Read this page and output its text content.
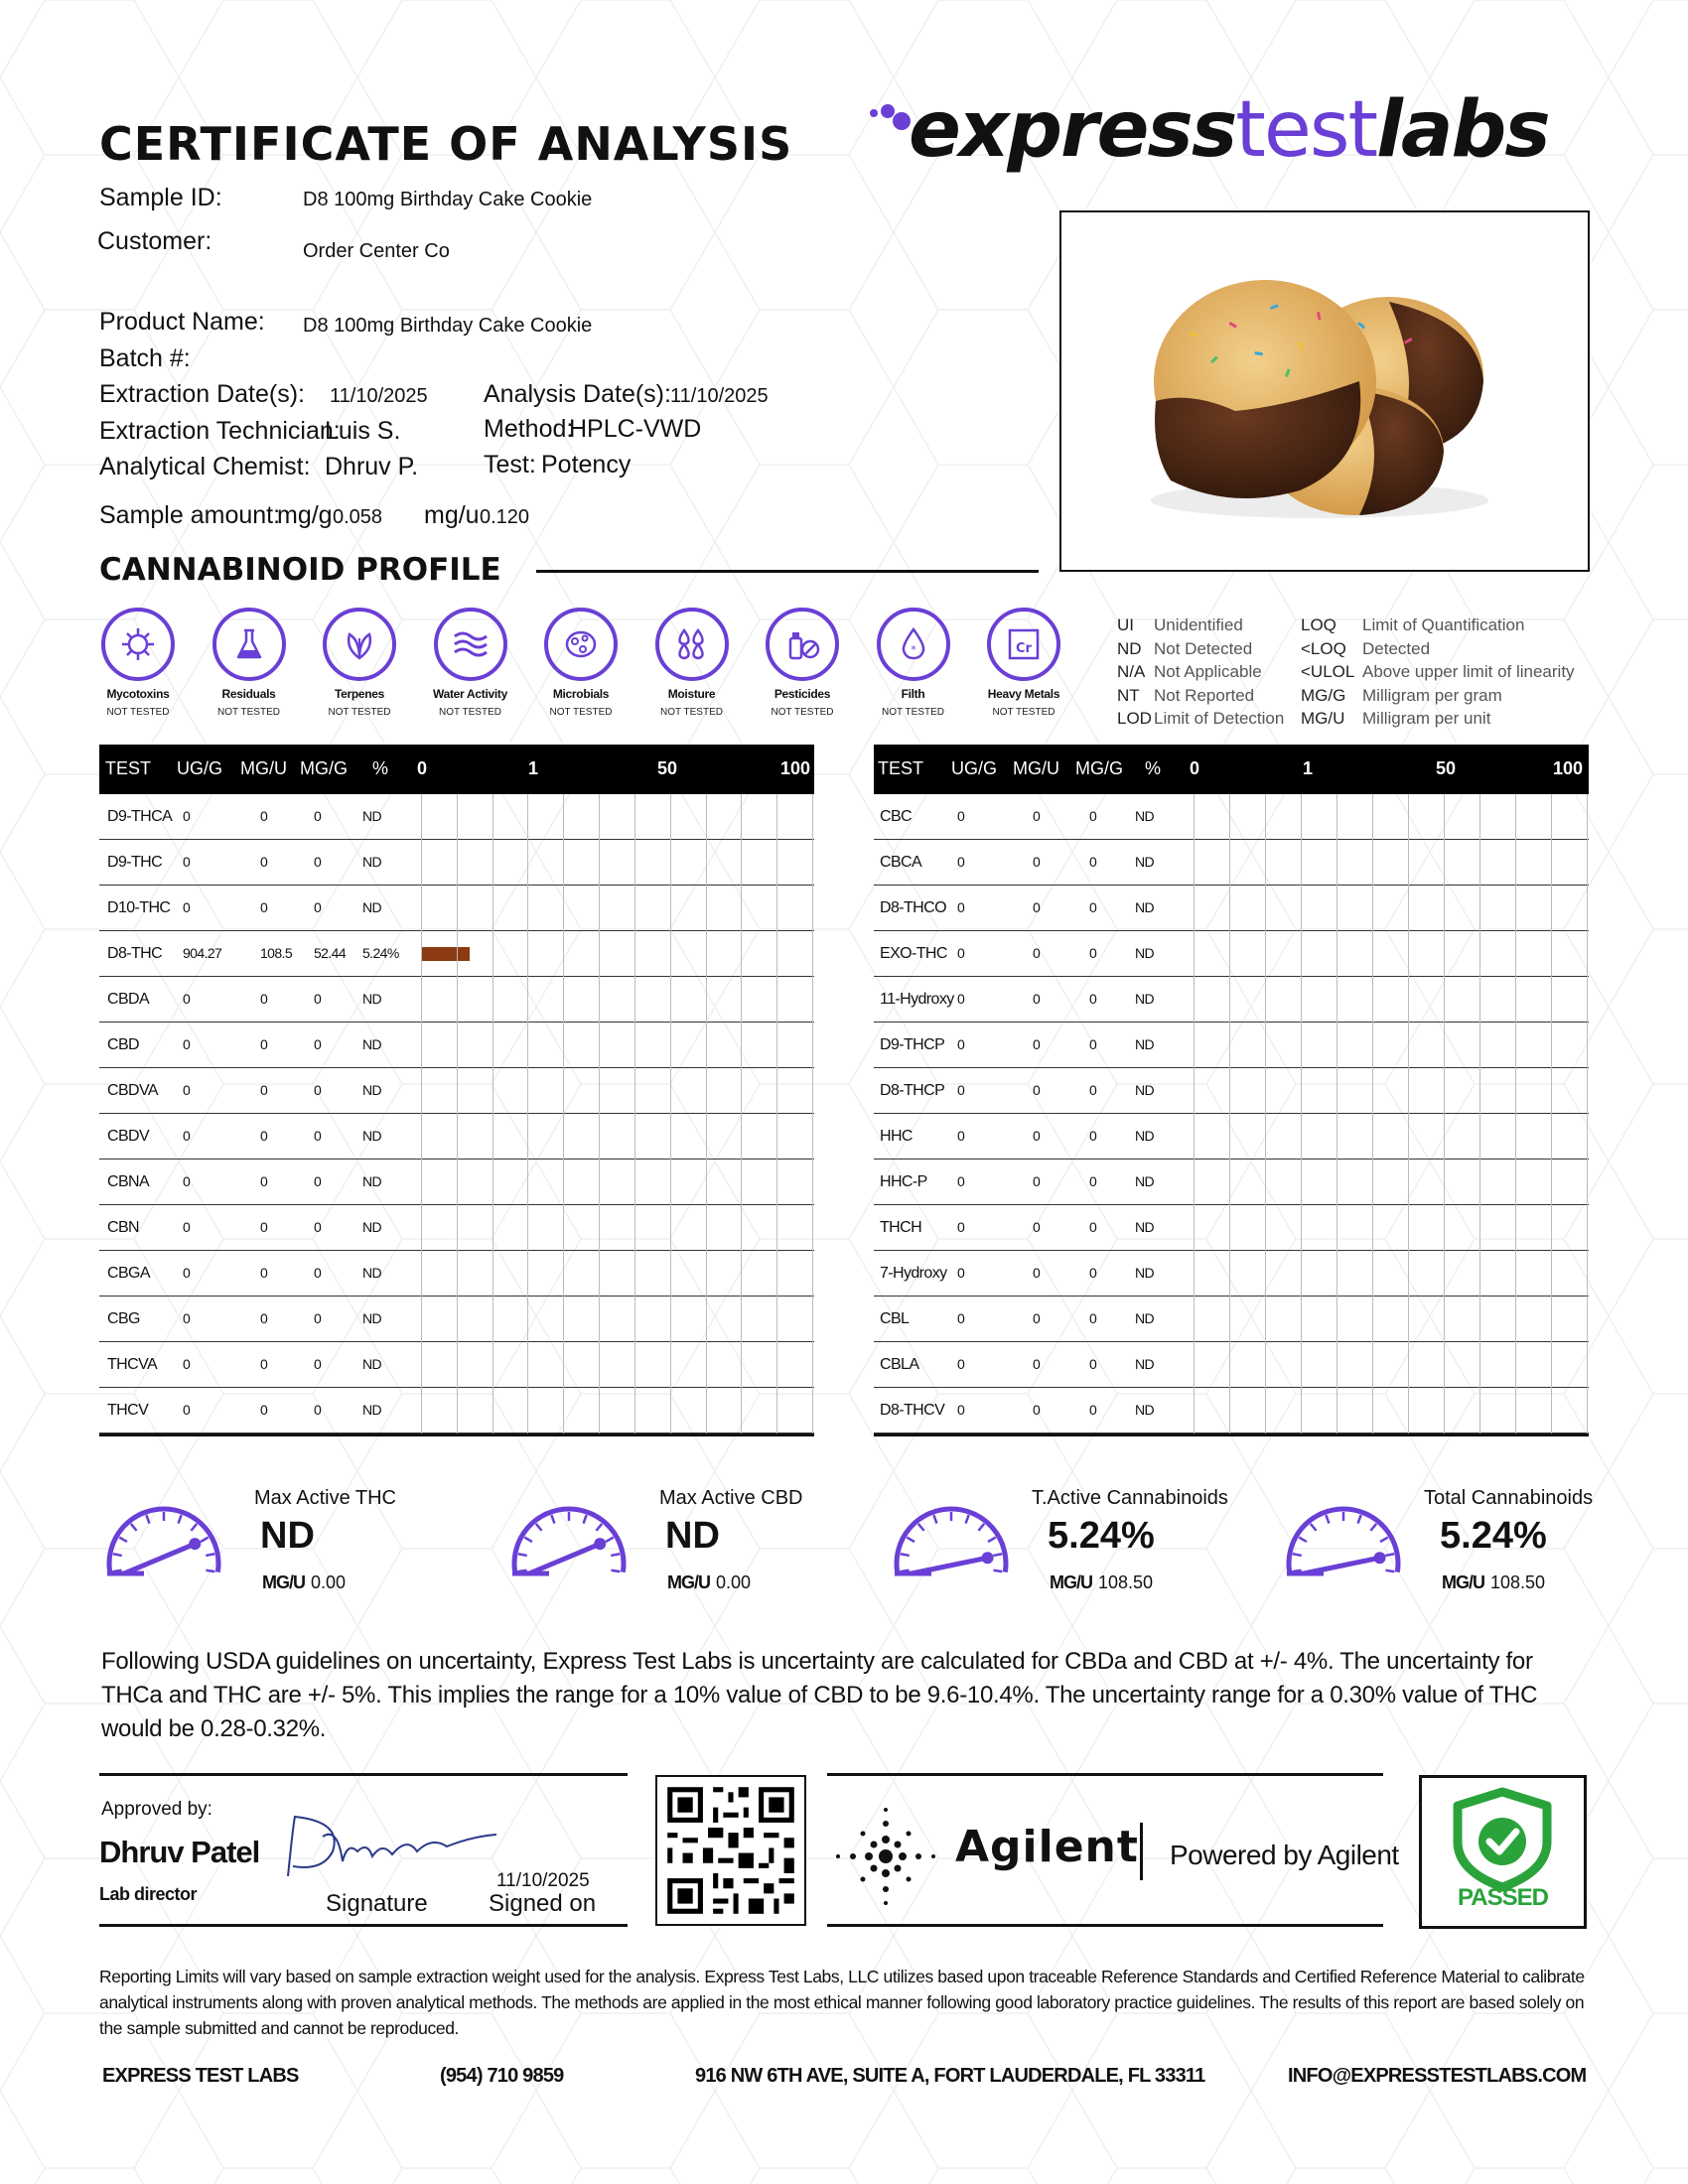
CERTIFICATE OF ANALYSIS	expresstestlabs
Sample ID:	D8 100mg Birthday Cake Cookie
Customer:	Order Center Co
Product Name: D8 100mg Birthday Cake Cookie
Batch #:
Extraction Date(s): 11/10/2025 Analysis Date(s): 11/10/2025
Extraction Technician:
Luis S.	Method:
HPLC-VWD
Analytical Chemist: Dhruv P.	Test: Potency
Sample amount:
mg/g 0.058 mg/u 0.120
CANNABINOID PROFILE
Mycotoxins
NOT TESTED
Residuals
NOT TESTED
Terpenes
NOT TESTED
Water Activity
NOT TESTED
Microbials
NOT TESTED
Moisture
NOT TESTED
Pesticides
NOT TESTED
*
Filth
NOT TESTED
Cr
Heavy Metals
NOT TESTED
UI Unidentified
ND Not Detected
N/A Not Applicable
NT Not Reported
LOD Limit of Detection
LOQ Limit of Quantification
<LOQ Detected
<ULOL Above upper limit of linearity
MG/G Milligram per gram
MG/U Milligram per unit
TEST UG/G MG/U MG/G % 0	1	50	100
D9-THCA 0	0	0	ND
D9-THC 0	0	0	ND
D10-THC 0	0	0	ND
D8-THC 904.27	108.5 52.44 5.24%
CBDA 0	0	0	ND
CBD	0	0	0	ND
CBDVA 0	0	0	ND
CBDV 0	0	0	ND
CBNA 0	0	0	ND
CBN	0	0	0	ND
CBGA 0	0	0	ND
CBG	0	0	0	ND
THCVA 0	0	0	ND
THCV 0	0	0	ND
TEST UG/G MG/U MG/G % 0	1	50	100
CBC	0	0	0	ND
CBCA	0	0	0	ND
D8-THCO 0	0	0	ND
EXO-THC 0	0	0	ND
11-Hydroxy 0	0	0	ND
D9-THCP 0	0	0	ND
D8-THCP 0	0	0	ND
HHC	0	0	0	ND
HHC-P 0	0	0	ND
THCH	0	0	0	ND
7-Hydroxy 0	0	0	ND
CBL	0	0	0	ND
CBLA	0	0	0	ND
D8-THCV 0	0	0	ND
Max Active THC
ND
MG/U 0.00
Max Active CBD
ND
MG/U 0.00
T.Active Cannabinoids
5.24%
MG/U 108.50
Total Cannabinoids
5.24%
MG/U 108.50
Following USDA guidelines on uncertainty, Express Test Labs is uncertainty are calculated for CBDa and CBD at +/- 4%. The uncertainty for THCa and THC are +/- 5%. This implies the range for a 10% value of CBD to be 9.6-10.4%. The uncertainty range for a 0.30% value of THC would be 0.28-0.32%.
Approved by:
Dhruv Patel
Lab director	Signature
11/10/2025
Signed on
Agilent Powered by Agilent
PASSED
Reporting Limits will vary based on sample extraction weight used for the analysis. Express Test Labs, LLC utilizes based upon traceable Reference Standards and Certified Reference Material to calibrate analytical instruments along with proven analytical methods. The methods are applied in the most ethical manner following good laboratory practice guidelines. The results of this report are based solely on the sample submitted and cannot be reproduced.
EXPRESS TEST LABS	(954) 710 9859	916 NW 6TH AVE, SUITE A, FORT LAUDERDALE, FL 33311	INFO@EXPRESSTESTLABS.COM
